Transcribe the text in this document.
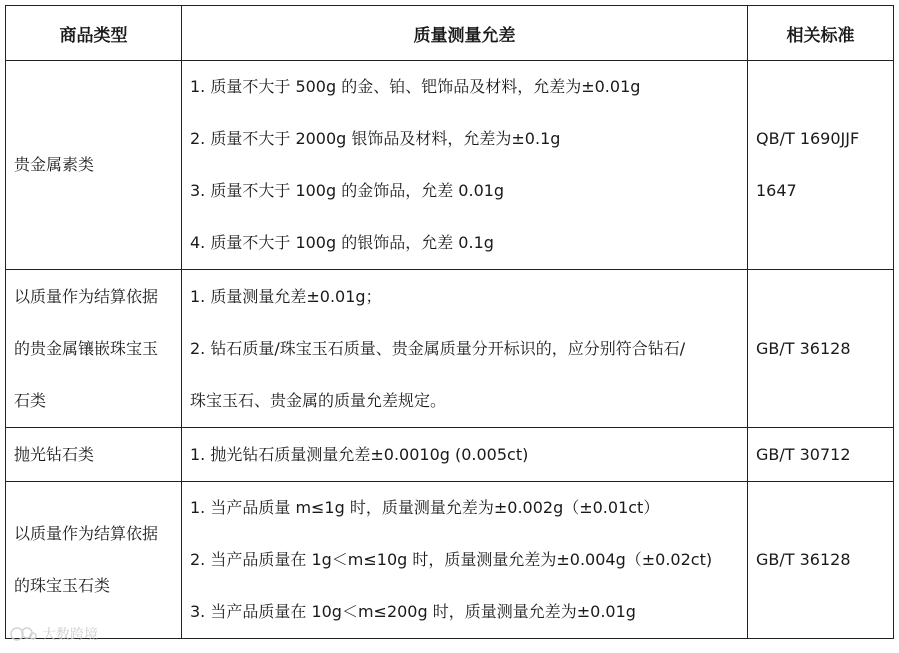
商品类型	质量测量允差	相关标准

贵金属素类	1. 质量不大于 500g 的金、铂、钯饰品及材料，允差为±0.01g
2. 质量不大于 2000g 银饰品及材料，允差为±0.1g
3. 质量不大于 100g 的金饰品，允差 0.01g
4. 质量不大于 100g 的银饰品，允差 0.1g	QB/T 1690JJF
1647

以质量作为结算依据
的贵金属镶嵌珠宝玉
石类	1. 质量测量允差±0.01g；
2. 钻石质量/珠宝玉石质量、贵金属质量分开标识的，应分别符合钻石/
珠宝玉石、贵金属的质量允差规定。	GB/T 36128

抛光钻石类	1. 抛光钻石质量测量允差±0.0010g (0.005ct)	GB/T 30712

以质量作为结算依据
的珠宝玉石类	1. 当产品质量 m≤1g 时，质量测量允差为±0.002g（±0.01ct）
2. 当产品质量在 1g＜m≤10g 时，质量测量允差为±0.004g（±0.02ct)
3. 当产品质量在 10g＜m≤200g 时，质量测量允差为±0.01g	GB/T 36128
大数跨境
